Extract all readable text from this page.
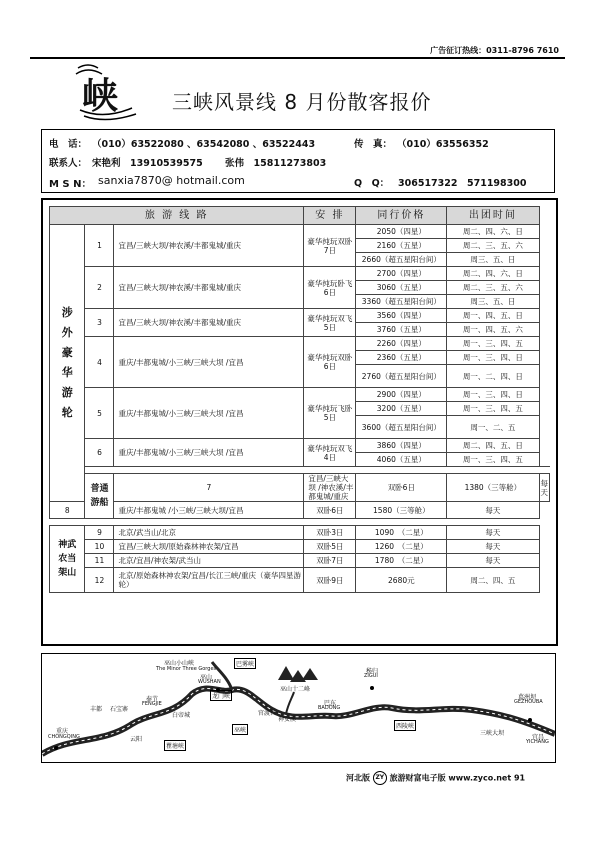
广告征订热线：0311-8796 7610
峡	三峡风景线 8 月份散客报价
电　话： （010）63522080 、63542080 、63522443	传　真： （010）63556352
联系人： 宋艳利　13910539575 张伟　15811273803
M S N： sanxia7870@ hotmail.com	Q　Q： 306517322　571198300
旅 游 线 路			安 排	同行价格	出团时间	

涉外豪华游轮	1	宜昌/三峡大坝/神农溪/丰都鬼城/重庆	豪华纯玩双卧7日	2050（四星）	周二、四、六、日	
				2160（五星）	周二、三、五、六	
				2660（超五星阳台间）	周三、五、日	
	2	宜昌/三峡大坝/神农溪/丰都鬼城/重庆	豪华纯玩卧飞6日	2700（四星）	周二、四、六、日	
				3060（五星）	周二、三、五、六	
				3360（超五星阳台间）	周三、五、日	
	3	宜昌/三峡大坝/神农溪/丰都鬼城/重庆	豪华纯玩双飞5日	3560（四星）	周一、四、五、日	
				3760（五星）	周一、四、五、六	
	4	重庆/丰都鬼城/小三峡/三峡大坝 /宜昌	豪华纯玩双卧6日	2260（四星）	周一、三、四、五	
				2360（五星）	周一、三、四、日	
				2760（超五星阳台间）	周一、二、四、日	
	5	重庆/丰都鬼城/小三峡/三峡大坝 /宜昌	豪华纯玩飞卧5日	2900（四星）	周一、三、四、日	
				3200（五星）	周一、三、四、五	
				3600（超五星阳台间）	周一、二、五	
	6	重庆/丰都鬼城/小三峡/三峡大坝 /宜昌	豪华纯玩双飞4日	3860（四星）	周二、四、五、日	
				4060（五星）	周一、三、四、五	

	普通游船	7	宜昌/三峡大坝 /神农溪/丰都鬼城/重庆	双卧6日	1380（三等舱）	每天
8		重庆/丰都鬼城 /小三峡/三峡大坝/宜昌	双卧6日	1580（三等舱）	每天	

神武农当架山	9	北京/武当山/北京	双卧3日	1090　（二星）	每天	
	10	宜昌/三峡大坝/原始森林神农架/宜昌	双卧5日	1260　（二星）	每天	
	11	北京/宜昌/神农架/武当山	双卧7日	1780　（二星）	每天	
	12	北京/原始森林神农架/宜昌/长江三峡/重庆（豪华四星游轮）	双卧9日	2680元	周二、四、五	
巫山小山峡
The Minor Three Gorges
巴雾峡
巫山
WUSHAN
秭归
ZIGUI
葛洲坝
GEZHOUBA
宜昌
YICHANG
奉节
FENGJIE
白帝城
丰都 石宝寨
重庆
CHONGQING	云阳
瞿塘峡
龙门峡
巫峡
巫山十二峰
神女溪
官渡口
巴东
BADONG
西陵峡
三峡大坝
河北版 ZY 旅游财富电子版 www.zyco.net 91
